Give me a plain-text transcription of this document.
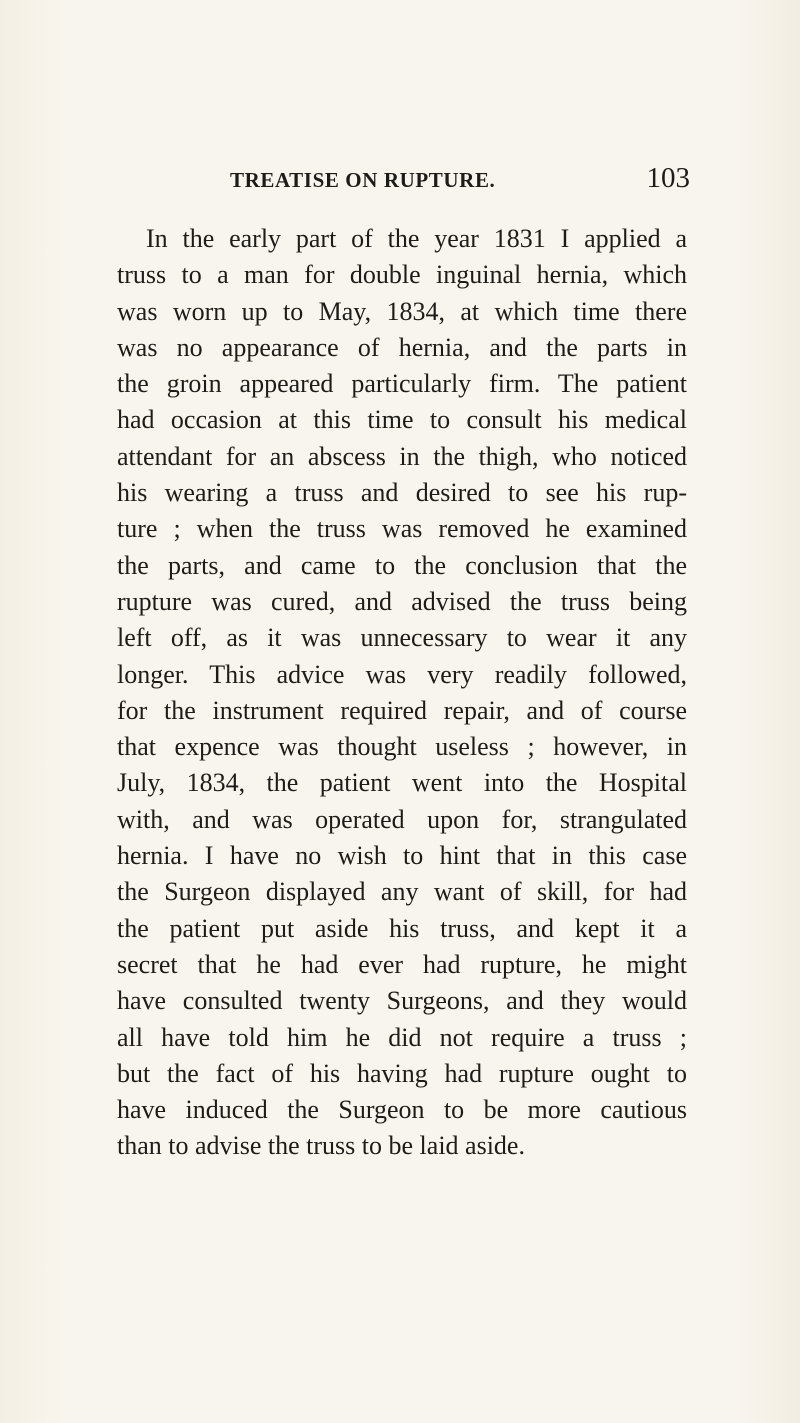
TREATISE ON RUPTURE.	103
In the early part of the year 1831 I applied a
truss to a man for double inguinal hernia, which
was worn up to May, 1834, at which time there
was no appearance of hernia, and the parts in
the groin appeared particularly firm. The patient
had occasion at this time to consult his medical
attendant for an abscess in the thigh, who noticed
his wearing a truss and desired to see his rup-
ture ; when the truss was removed he examined
the parts, and came to the conclusion that the
rupture was cured, and advised the truss being
left off, as it was unnecessary to wear it any
longer. This advice was very readily followed,
for the instrument required repair, and of course
that expence was thought useless ; however, in
July, 1834, the patient went into the Hospital
with, and was operated upon for, strangulated
hernia. I have no wish to hint that in this case
the Surgeon displayed any want of skill, for had
the patient put aside his truss, and kept it a
secret that he had ever had rupture, he might
have consulted twenty Surgeons, and they would
all have told him he did not require a truss ;
but the fact of his having had rupture ought to
have induced the Surgeon to be more cautious
than to advise the truss to be laid aside.
